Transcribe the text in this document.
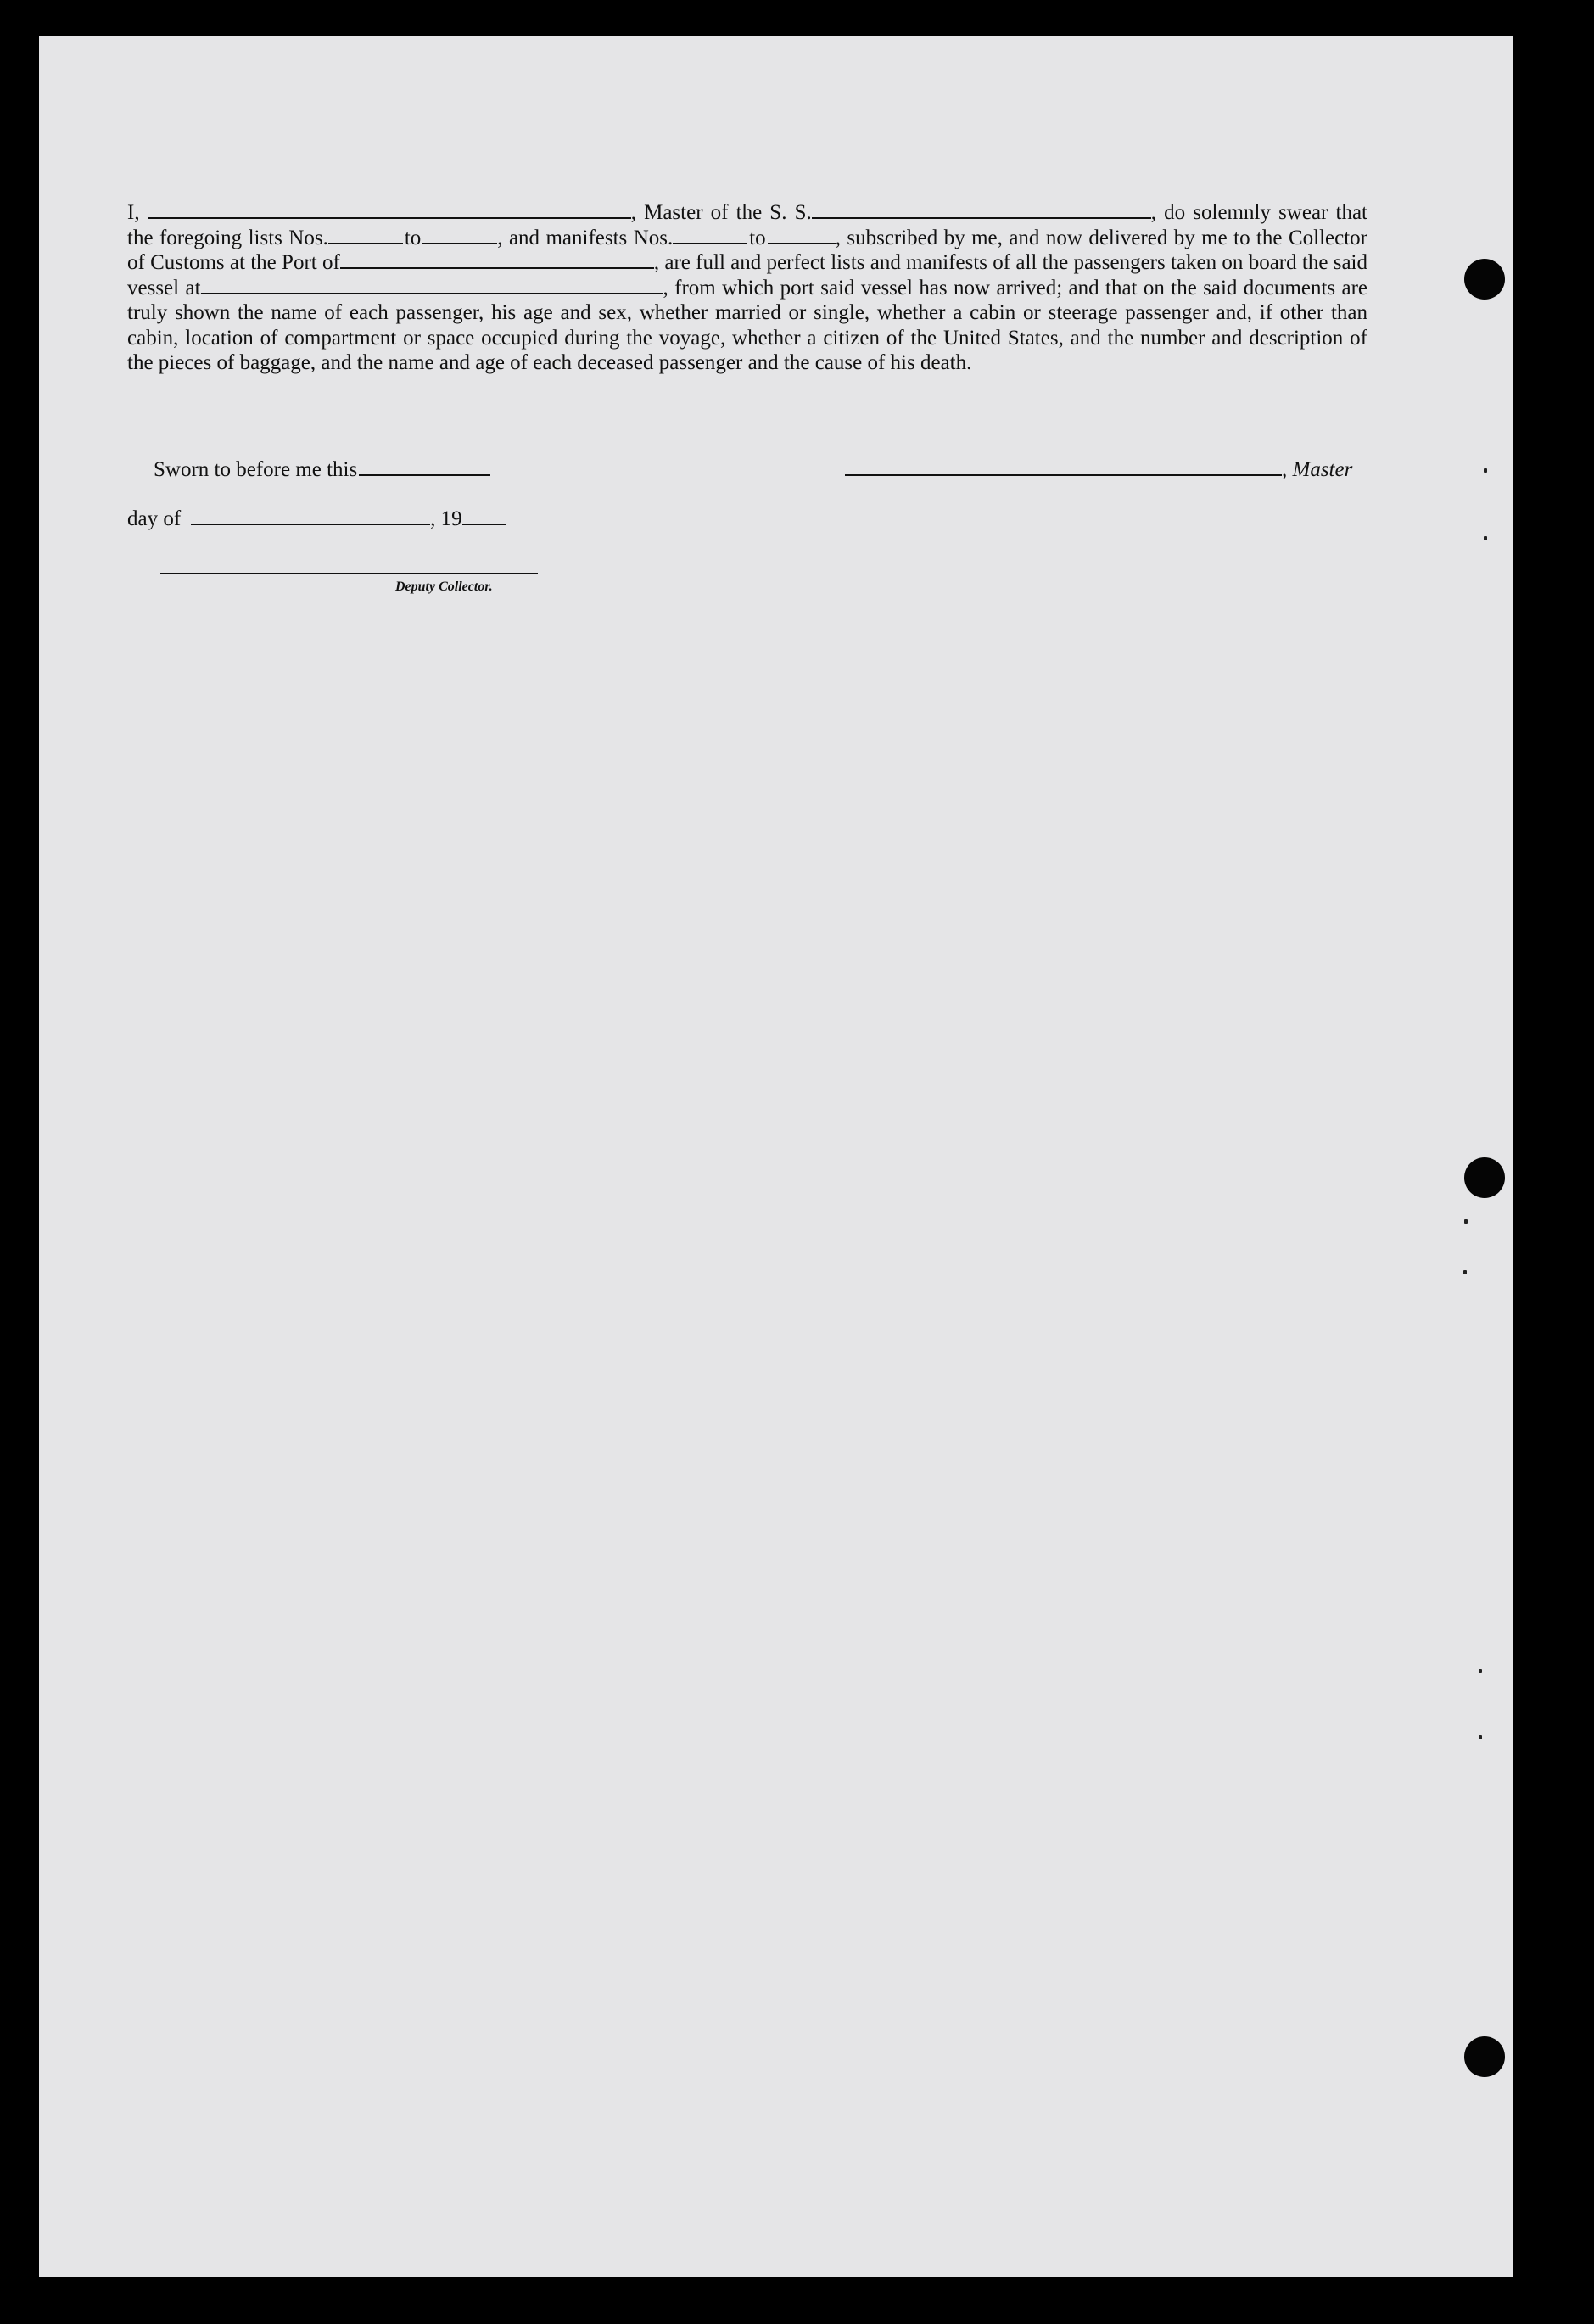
I,	, Master of the S. S.	, do solemnly swear that the foregoing lists Nos.	to	, and manifests Nos.	to	, subscribed by me, and now delivered by me to the Collector of Customs at the Port of	, are full and perfect lists and manifests of all the passengers taken on board the said vessel at	, from which port said vessel has now arrived; and that on the said documents are truly shown the name of each passenger, his age and sex, whether married or single, whether a cabin or steerage passenger and, if other than cabin, location of compartment or space occupied during the voyage, whether a citizen of the United States, and the number and description of the pieces of baggage, and the name and age of each deceased passenger and the cause of his death.
Sworn to before me this	, Master
day of	, 19
Deputy Collector.
